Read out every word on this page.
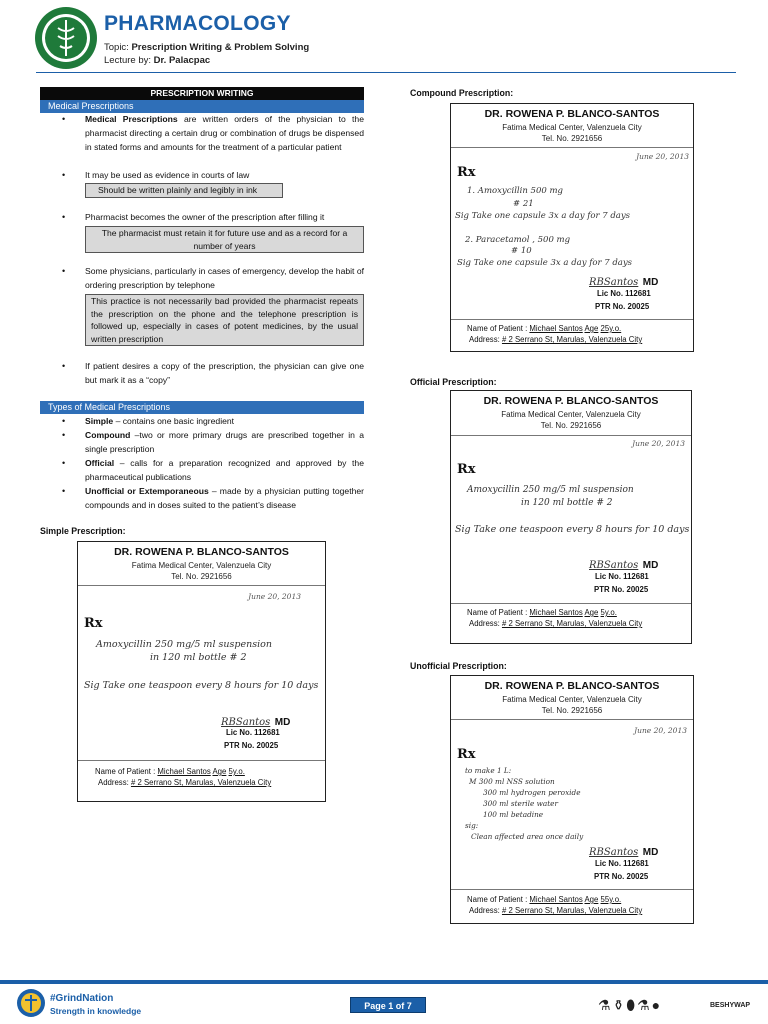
PHARMACOLOGY
Topic: Prescription Writing & Problem Solving
Lecture by: Dr. Palacpac
PRESCRIPTION WRITING
Medical Prescriptions
• Medical Prescriptions are written orders of the physician to the pharmacist directing a certain drug or combination of drugs be dispensed in stated forms and amounts for the treatment of a particular patient
• It may be used as evidence in courts of law
Should be written plainly and legibly in ink
• Pharmacist becomes the owner of the prescription after filling it
The pharmacist must retain it for future use and as a record for a number of years
• Some physicians, particularly in cases of emergency, develop the habit of ordering prescription by telephone
This practice is not necessarily bad provided the pharmacist repeats the prescription on the phone and the telephone prescription is followed up, especially in cases of potent medicines, by the usual written prescription
• If patient desires a copy of the prescription, the physician can give one but mark it as a “copy”
Types of Medical Prescriptions
• Simple – contains one basic ingredient
• Compound –two or more primary drugs are prescribed together in a single prescription
• Official – calls for a preparation recognized and approved by the pharmaceutical publications
• Unofficial or Extemporaneous – made by a physician putting together compounds and in doses suited to the patient’s disease
Simple Prescription:
DR. ROWENA P. BLANCO-SANTOS
Fatima Medical Center, Valenzuela City
Tel. No. 2921656
June 20, 2013
Rx
Amoxycillin 250 mg/5 ml suspension
in 120 ml bottle # 2
Sig Take one teaspoon every 8 hours for 10 days
RBSantos MD
Lic No. 112681
PTR No. 20025
Name of Patient : Michael Santos Age 5y.o.
Address: # 2 Serrano St, Marulas, Valenzuela City
Compound Prescription:
DR. ROWENA P. BLANCO-SANTOS
Fatima Medical Center, Valenzuela City
Tel. No. 2921656
June 20, 2013
Rx
1. Amoxycillin 500 mg
# 21
Sig Take one capsule 3x a day for 7 days
2. Paracetamol , 500 mg
# 10
Sig Take one capsule 3x a day for 7 days
RBSantos MD
Lic No. 112681
PTR No. 20025
Name of Patient : Michael Santos Age 25y.o.
Address: # 2 Serrano St, Marulas, Valenzuela City
Official Prescription:
DR. ROWENA P. BLANCO-SANTOS
Fatima Medical Center, Valenzuela City
Tel. No. 2921656
June 20, 2013
Rx
Amoxycillin 250 mg/5 ml suspension
in 120 ml bottle # 2
Sig Take one teaspoon every 8 hours for 10 days
RBSantos MD
Lic No. 112681
PTR No. 20025
Name of Patient : Michael Santos Age 5y.o.
Address: # 2 Serrano St, Marulas, Valenzuela City
Unofficial Prescription:
DR. ROWENA P. BLANCO-SANTOS
Fatima Medical Center, Valenzuela City
Tel. No. 2921656
June 20, 2013
Rx
to make 1 L:
M 300 ml NSS solution
300 ml hydrogen peroxide
300 ml sterile water
100 ml betadine
sig:
Clean affected area once daily
RBSantos MD
Lic No. 112681
PTR No. 20025
Name of Patient : Michael Santos Age 55y.o.
Address: # 2 Serrano St, Marulas, Valenzuela City
#GrindNation
Strength in knowledge	Page 1 of 7	⚗⚱⬮⚗●	BESHYWAP
